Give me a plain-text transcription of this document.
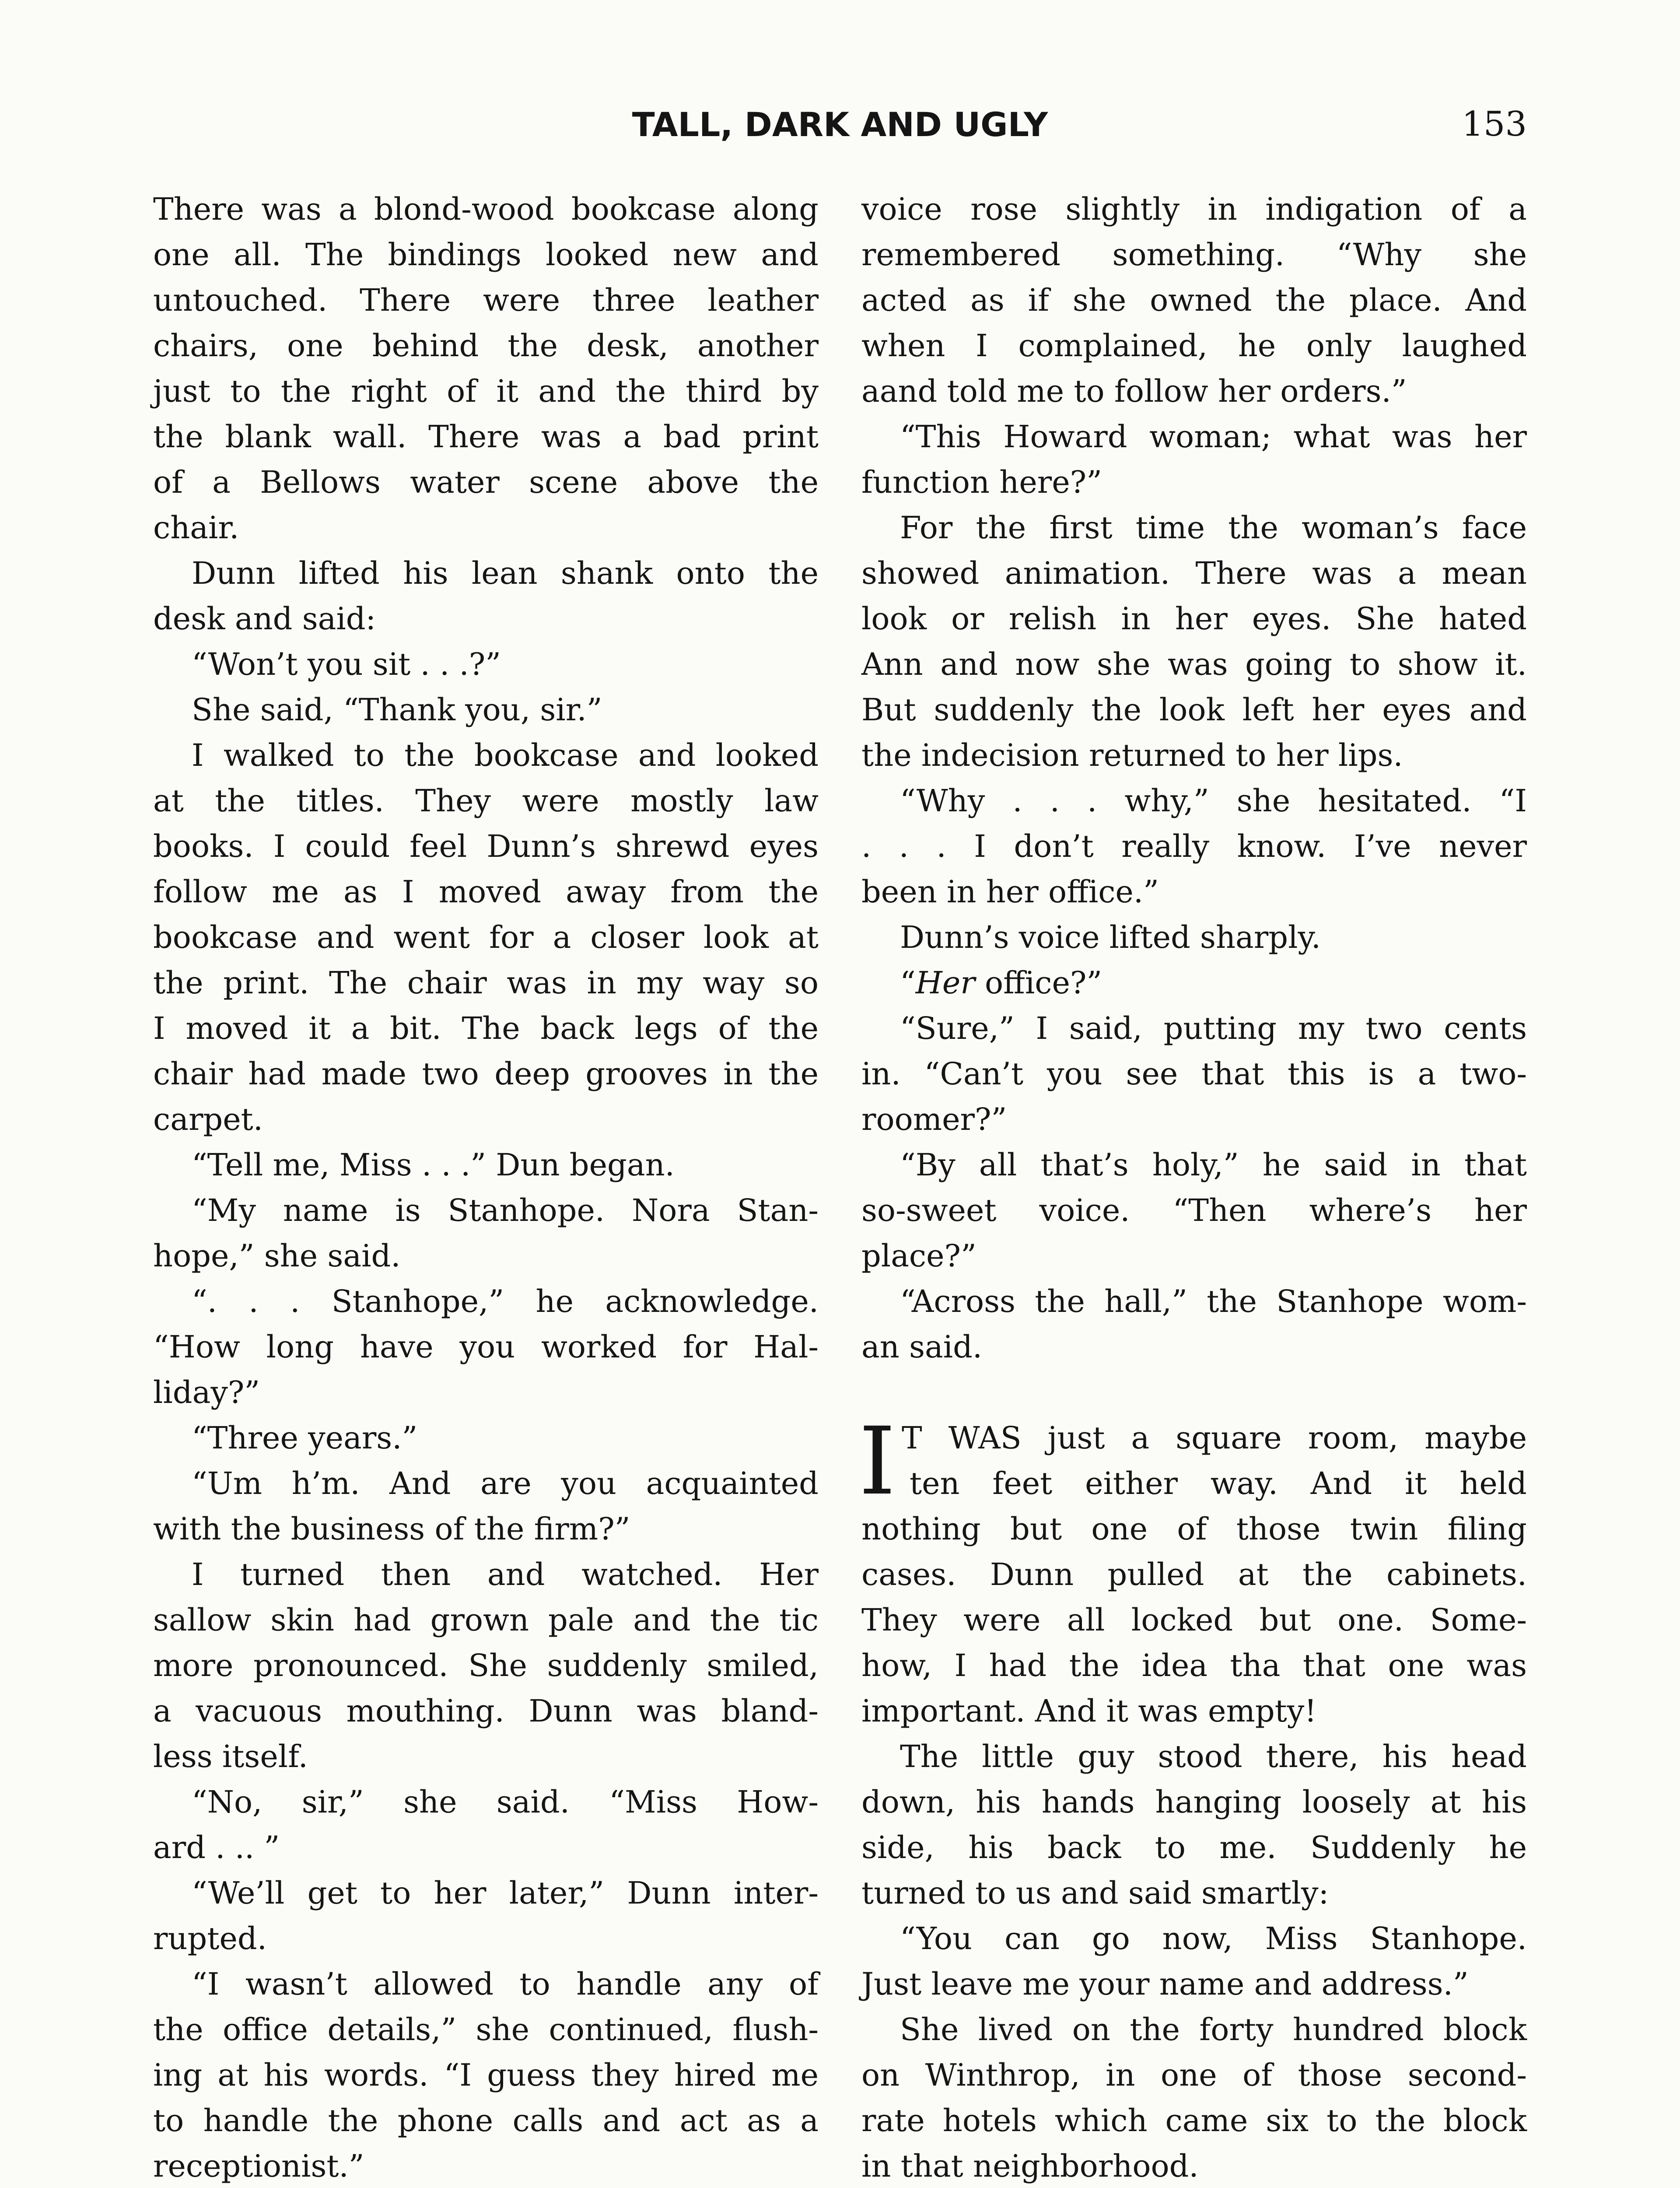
TALL, DARK AND UGLY	153
There was a blond-wood bookcase along
one all. The bindings looked new and
untouched. There were three leather
chairs, one behind the desk, another
just to the right of it and the third by
the blank wall. There was a bad print
of a Bellows water scene above the
chair.
Dunn lifted his lean shank onto the
desk and said:
“Won’t you sit . . .?”
She said, “Thank you, sir.”
I walked to the bookcase and looked
at the titles. They were mostly law
books. I could feel Dunn’s shrewd eyes
follow me as I moved away from the
bookcase and went for a closer look at
the print. The chair was in my way so
I moved it a bit. The back legs of the
chair had made two deep grooves in the
carpet.
“Tell me, Miss . . .” Dun began.
“My name is Stanhope. Nora Stan-
hope,” she said.
“. . . Stanhope,” he acknowledge.
“How long have you worked for Hal-
liday?”
“Three years.”
“Um h’m. And are you acquainted
with the business of the firm?”
I turned then and watched. Her
sallow skin had grown pale and the tic
more pronounced. She suddenly smiled,
a vacuous mouthing. Dunn was bland-
less itself.
“No, sir,” she said. “Miss How-
ard . .. ”
“We’ll get to her later,” Dunn inter-
rupted.
“I wasn’t allowed to handle any of
the office details,” she continued, flush-
ing at his words. “I guess they hired me
to handle the phone calls and act as a
receptionist.”
voice rose slightly in indigation of a
remembered something. “Why she
acted as if she owned the place. And
when I complained, he only laughed
aand told me to follow her orders.”
“This Howard woman; what was her
function here?”
For the first time the woman’s face
showed animation. There was a mean
look or relish in her eyes. She hated
Ann and now she was going to show it.
But suddenly the look left her eyes and
the indecision returned to her lips.
“Why . . . why,” she hesitated. “I
. . . I don’t really know. I’ve never
been in her office.”
Dunn’s voice lifted sharply.
“Her office?”
“Sure,” I said, putting my two cents
in. “Can’t you see that this is a two-
roomer?”
“By all that’s holy,” he said in that
so-sweet voice. “Then where’s her
place?”
“Across the hall,” the Stanhope wom-
an said.
I T WAS just a square room, maybe
ten feet either way. And it held
nothing but one of those twin filing
cases. Dunn pulled at the cabinets.
They were all locked but one. Some-
how, I had the idea tha that one was
important. And it was empty!
The little guy stood there, his head
down, his hands hanging loosely at his
side, his back to me. Suddenly he
turned to us and said smartly:
“You can go now, Miss Stanhope.
Just leave me your name and address.”
She lived on the forty hundred block
on Winthrop, in one of those second-
rate hotels which came six to the block
in that neighborhood.
